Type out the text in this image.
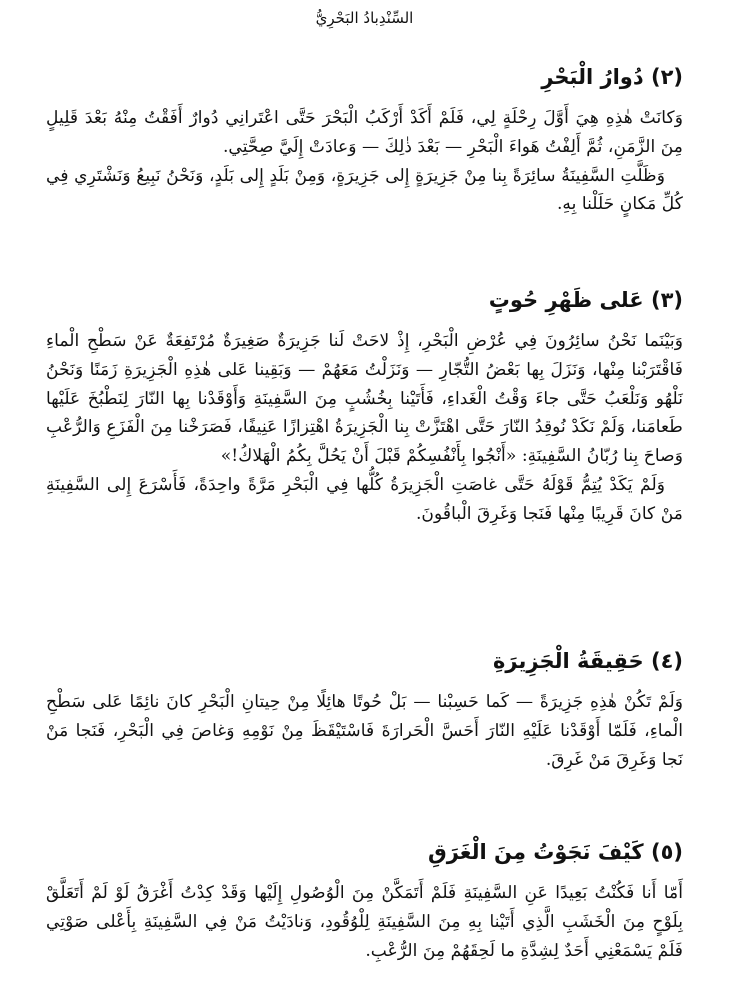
السِّنْدِبادُ البَحْرِيُّ
(٢) دُوارُ الْبَحْرِ

وَكانَتْ هٰذِهِ هِيَ أَوَّلَ رِحْلَةٍ لِي، فَلَمْ أَكَدْ أَرْكَبُ الْبَحْرَ حَتَّى اعْتَرانِي دُوارٌ أَفَقْتُ مِنْهُ بَعْدَ قَلِيلٍ مِنَ الزَّمَنِ، ثُمَّ أَلِفْتُ هَواءَ الْبَحْرِ — بَعْدَ ذٰلِكَ — وَعادَتْ إِلَيَّ صِحَّتِي.

وَظَلَّتِ السَّفِينَةُ سائِرَةً بِنا مِنْ جَزِيرَةٍ إِلى جَزِيرَةٍ، وَمِنْ بَلَدٍ إِلى بَلَدٍ، وَنَحْنُ نَبِيعُ وَنَشْتَرِي فِي كُلِّ مَكانٍ حَلَلْنا بِهِ.

(٣) عَلى ظَهْرِ حُوتٍ

وَبَيْنَما نَحْنُ سائِرُونَ فِي عُرْضِ الْبَحْرِ، إِذْ لاحَتْ لَنا جَزِيرَةٌ صَغِيرَةٌ مُرْتَفِعَةٌ عَنْ سَطْحِ الْماءِ فَاقْتَرَبْنا مِنْها، وَنَزَلَ بِها بَعْضُ التُّجّارِ — وَنَزَلْتُ مَعَهُمْ — وَبَقِينا عَلى هٰذِهِ الْجَزِيرَةِ زَمَنًا وَنَحْنُ نَلْهُو وَنَلْعَبُ حَتَّى جاءَ وَقْتُ الْغَداءِ، فَأَتَيْنا بِخُشُبٍ مِنَ السَّفِينَةِ وَأَوْقَدْنا بِها النّارَ لِنَطْبُخَ عَلَيْها طَعامَنا، وَلَمْ نَكَدْ نُوقِدُ النّارَ حَتَّى اهْتَزَّتْ بِنا الْجَزِيرَةُ اهْتِزازًا عَنِيفًا، فَصَرَخْنا مِنَ الْفَزَعِ وَالرُّعْبِ وَصاحَ بِنا رُبّانُ السَّفِينَةِ: «أَنْجُوا بِأَنْفُسِكُمْ قَبْلَ أَنْ يَحُلَّ بِكُمُ الْهَلاكُ!»

وَلَمْ يَكَدْ يُتِمُّ قَوْلَهُ حَتَّى غاصَتِ الْجَزِيرَةُ كُلُّها فِي الْبَحْرِ مَرَّةً واحِدَةً، فَأَسْرَعَ إِلى السَّفِينَةِ مَنْ كانَ قَرِيبًا مِنْها فَنَجا وَغَرِقَ الْباقُونَ.

(٤) حَقِيقَةُ الْجَزِيرَةِ

وَلَمْ تَكُنْ هٰذِهِ جَزِيرَةً — كَما حَسِبْنا — بَلْ حُوتًا هائِلًا مِنْ حِيتانِ الْبَحْرِ كانَ نائِمًا عَلى سَطْحِ الْماءِ، فَلَمّا أَوْقَدْنا عَلَيْهِ النّارَ أَحَسَّ الْحَرارَةَ فَاسْتَيْقَظَ مِنْ نَوْمِهِ وَغاصَ فِي الْبَحْرِ، فَنَجا مَنْ نَجا وَغَرِقَ مَنْ غَرِقَ.

(٥) كَيْفَ نَجَوْتُ مِنَ الْغَرَقِ

أَمّا أَنا فَكُنْتُ بَعِيدًا عَنِ السَّفِينَةِ فَلَمْ أَتَمَكَّنْ مِنَ الْوُصُولِ إِلَيْها وَقَدْ كِدْتُ أَغْرَقُ لَوْ لَمْ أَتَعَلَّقْ بِلَوْحٍ مِنَ الْخَشَبِ الَّذِي أَتَيْنا بِهِ مِنَ السَّفِينَةِ لِلْوُقُودِ، وَنادَيْتُ مَنْ فِي السَّفِينَةِ بِأَعْلى صَوْتِي فَلَمْ يَسْمَعْنِي أَحَدٌ لِشِدَّةِ ما لَحِقَهُمْ مِنَ الرُّعْبِ.
